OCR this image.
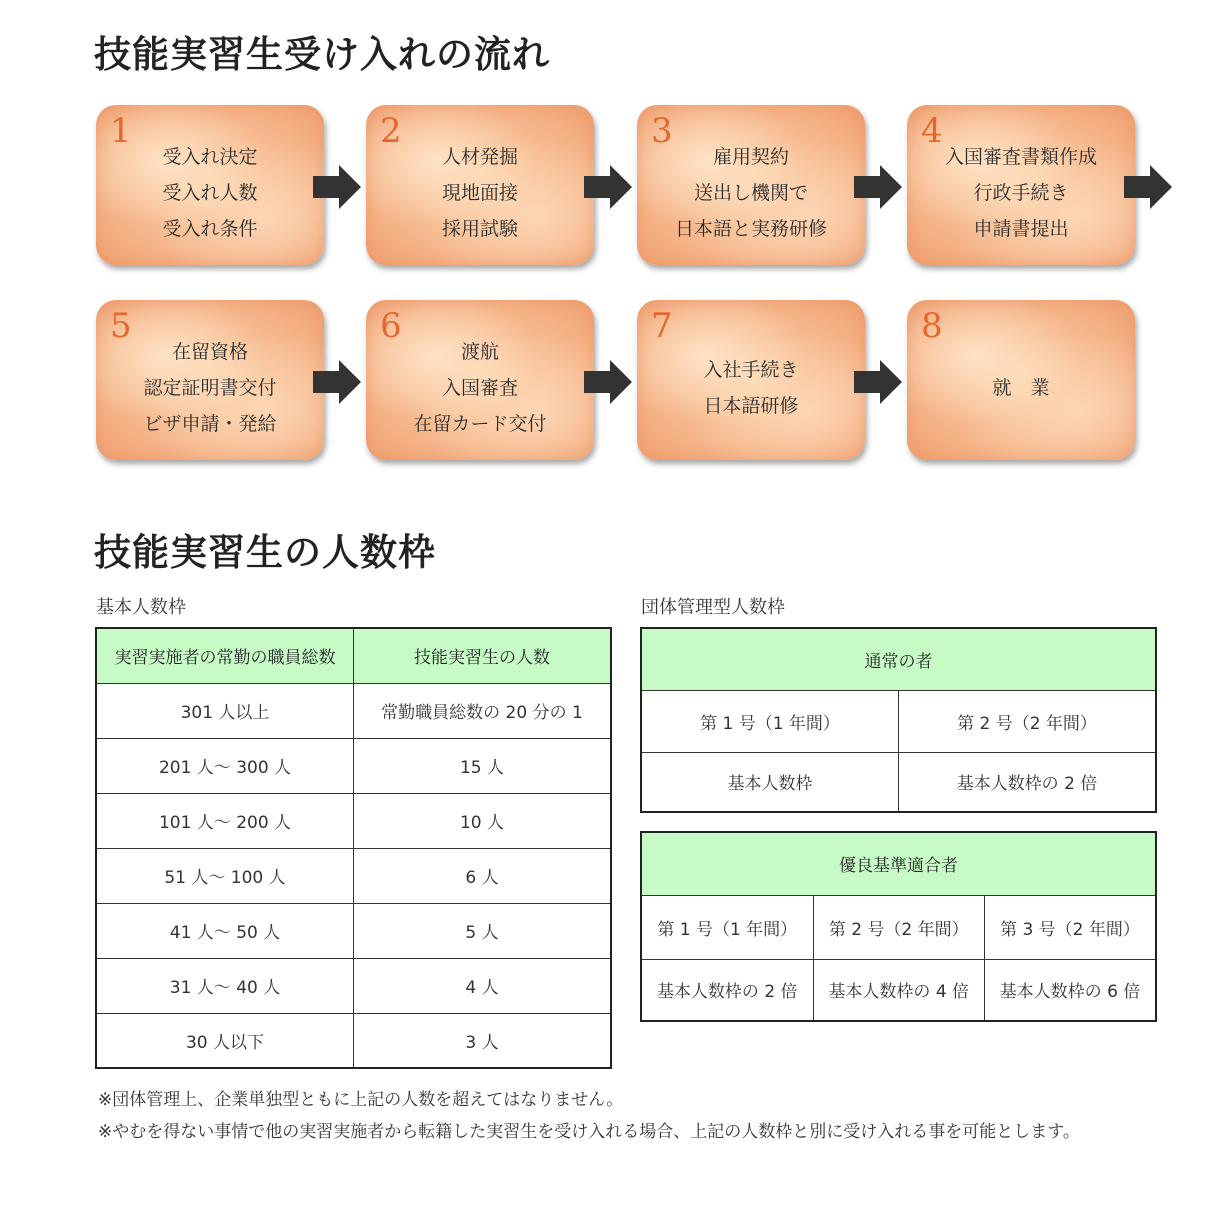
技能実習生受け入れの流れ
1
受入れ決定
受入れ人数
受入れ条件
2
人材発掘
現地面接
採用試験
3
雇用契約
送出し機関で
日本語と実務研修
4
入国審査書類作成
行政手続き
申請書提出
5
在留資格
認定証明書交付
ビザ申請・発給
6
渡航
入国審査
在留カード交付
7
入社手続き
日本語研修
8
就　業
技能実習生の人数枠
基本人数枠	団体管理型人数枠
実習実施者の常勤の職員総数	技能実習生の人数
301 人以上	常勤職員総数の 20 分の 1
201 人～ 300 人	15 人
101 人～ 200 人	10 人
51 人～ 100 人	6 人
41 人～ 50 人	5 人
31 人～ 40 人	4 人
30 人以下	3 人
通常の者	
第 1 号（1 年間）	第 2 号（2 年間）
基本人数枠	基本人数枠の 2 倍
優良基準適合者		
第 1 号（1 年間）	第 2 号（2 年間）	第 3 号（2 年間）
基本人数枠の 2 倍	基本人数枠の 4 倍	基本人数枠の 6 倍
※団体管理上、企業単独型ともに上記の人数を超えてはなりません。
※やむを得ない事情で他の実習実施者から転籍した実習生を受け入れる場合、上記の人数枠と別に受け入れる事を可能とします。
